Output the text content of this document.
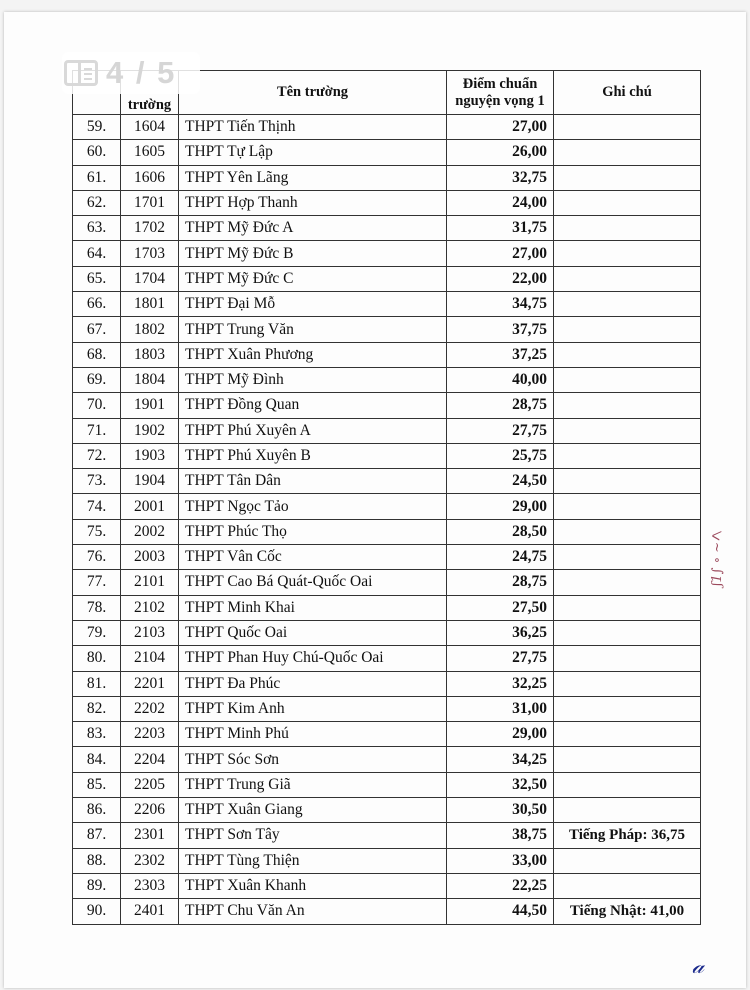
4 / 5
	trường	Tên trường	Điểm chuẩn nguyện vọng 1	Ghi chú
59.	1604	THPT Tiến Thịnh	27,00	
60.	1605	THPT Tự Lập	26,00	
61.	1606	THPT Yên Lãng	32,75	
62.	1701	THPT Hợp Thanh	24,00	
63.	1702	THPT Mỹ Đức A	31,75	
64.	1703	THPT Mỹ Đức B	27,00	
65.	1704	THPT Mỹ Đức C	22,00	
66.	1801	THPT Đại Mỗ	34,75	
67.	1802	THPT Trung Văn	37,75	
68.	1803	THPT Xuân Phương	37,25	
69.	1804	THPT Mỹ Đình	40,00	
70.	1901	THPT Đồng Quan	28,75	
71.	1902	THPT Phú Xuyên A	27,75	
72.	1903	THPT Phú Xuyên B	25,75	
73.	1904	THPT Tân Dân	24,50	
74.	2001	THPT Ngọc Tảo	29,00	
75.	2002	THPT Phúc Thọ	28,50	
76.	2003	THPT Vân Cốc	24,75	
77.	2101	THPT Cao Bá Quát-Quốc Oai	28,75	
78.	2102	THPT Minh Khai	27,50	
79.	2103	THPT Quốc Oai	36,25	
80.	2104	THPT Phan Huy Chú-Quốc Oai	27,75	
81.	2201	THPT Đa Phúc	32,25	
82.	2202	THPT Kim Anh	31,00	
83.	2203	THPT Minh Phú	29,00	
84.	2204	THPT Sóc Sơn	34,25	
85.	2205	THPT Trung Giã	32,50	
86.	2206	THPT Xuân Giang	30,50	
87.	2301	THPT Sơn Tây	38,75	Tiếng Pháp: 36,75
88.	2302	THPT Tùng Thiện	33,00	
89.	2303	THPT Xuân Khanh	22,25	
90.	2401	THPT Chu Văn An	44,50	Tiếng Nhật: 41,00
ʃ1∫ ∘ ~ᐳ
𝒶
